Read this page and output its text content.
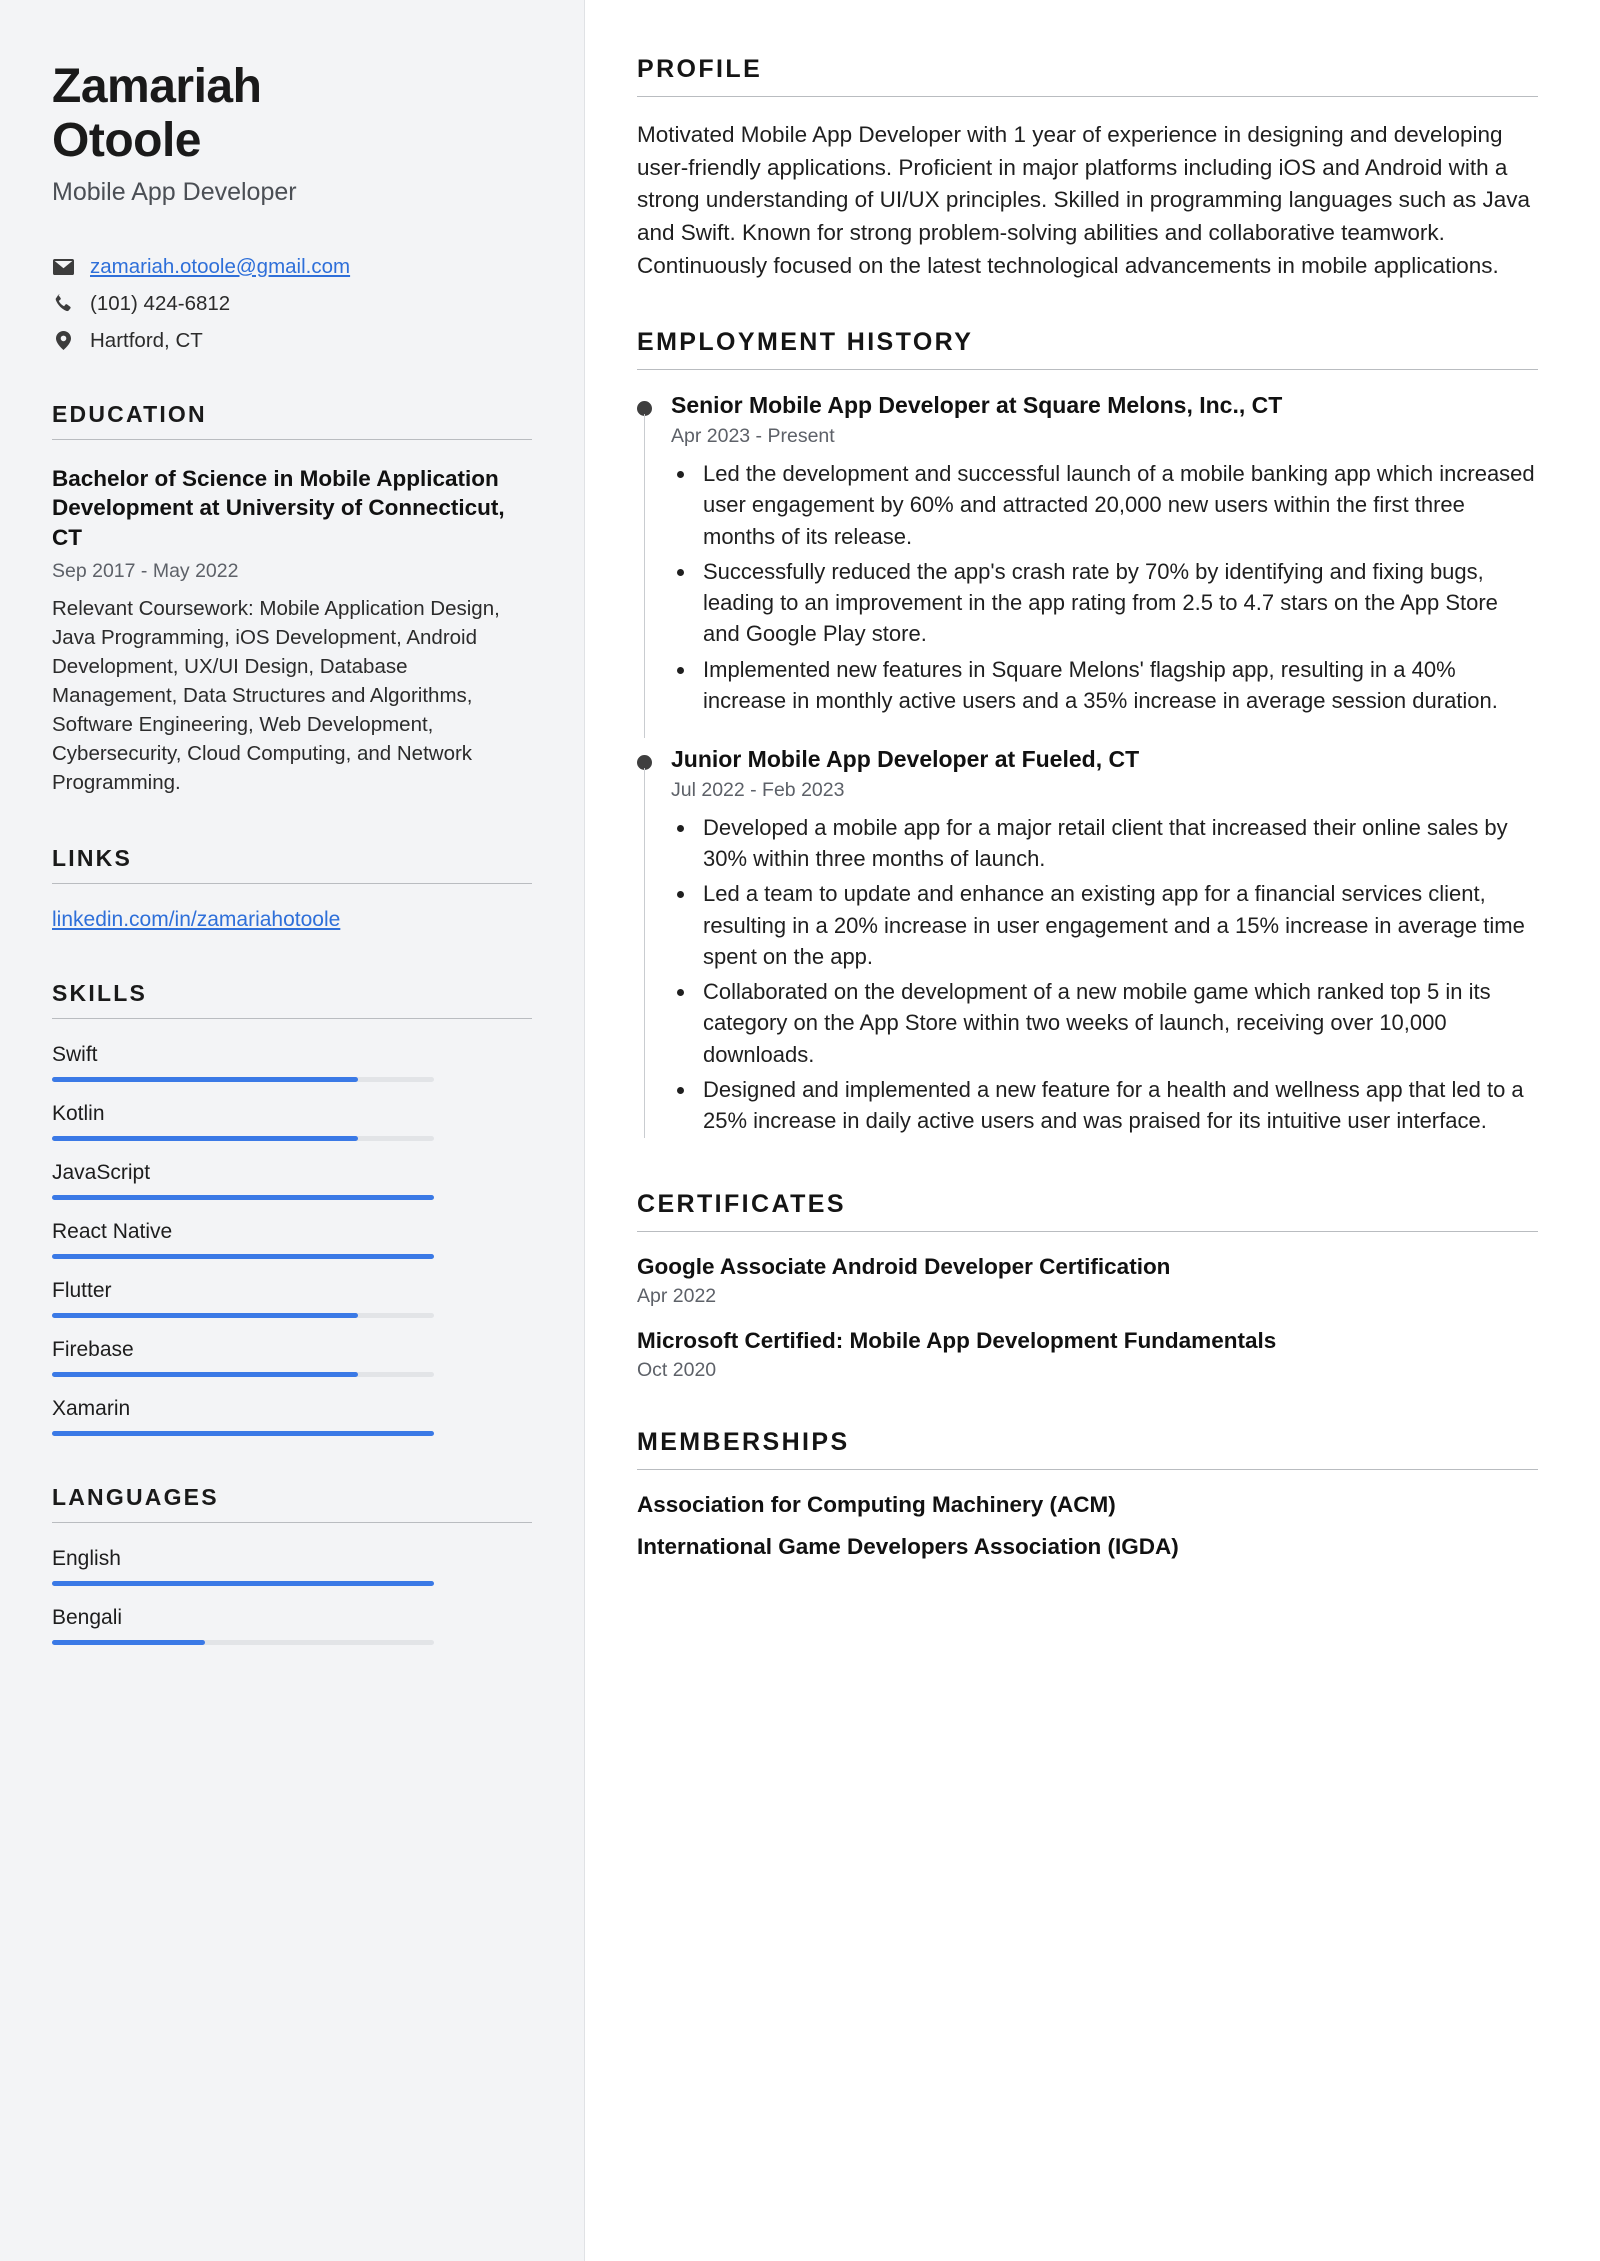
Zamariah
Otoole
Mobile App Developer
zamariah.otoole@gmail.com
(101) 424-6812
Hartford, CT
EDUCATION
Bachelor of Science in Mobile Application Development at University of Connecticut, CT
Sep 2017 - May 2022
Relevant Coursework: Mobile Application Design, Java Programming, iOS Development, Android Development, UX/UI Design, Database Management, Data Structures and Algorithms, Software Engineering, Web Development, Cybersecurity, Cloud Computing, and Network Programming.
LINKS
linkedin.com/in/zamariahotoole
SKILLS
Swift
Kotlin
JavaScript
React Native
Flutter
Firebase
Xamarin
LANGUAGES
English
Bengali
PROFILE

Motivated Mobile App Developer with 1 year of experience in designing and developing user-friendly applications. Proficient in major platforms including iOS and Android with a strong understanding of UI/UX principles. Skilled in programming languages such as Java and Swift. Known for strong problem-solving abilities and collaborative teamwork. Continuously focused on the latest technological advancements in mobile applications.

EMPLOYMENT HISTORY
Senior Mobile App Developer at Square Melons, Inc., CT
Apr 2023 - Present
• Led the development and successful launch of a mobile banking app which increased user engagement by 60% and attracted 20,000 new users within the first three months of its release.
• Successfully reduced the app's crash rate by 70% by identifying and fixing bugs, leading to an improvement in the app rating from 2.5 to 4.7 stars on the App Store and Google Play store.
• Implemented new features in Square Melons' flagship app, resulting in a 40% increase in monthly active users and a 35% increase in average session duration.
Junior Mobile App Developer at Fueled, CT
Jul 2022 - Feb 2023
• Developed a mobile app for a major retail client that increased their online sales by 30% within three months of launch.
• Led a team to update and enhance an existing app for a financial services client, resulting in a 20% increase in user engagement and a 15% increase in average time spent on the app.
• Collaborated on the development of a new mobile game which ranked top 5 in its category on the App Store within two weeks of launch, receiving over 10,000 downloads.
• Designed and implemented a new feature for a health and wellness app that led to a 25% increase in daily active users and was praised for its intuitive user interface.
CERTIFICATES
Google Associate Android Developer Certification
Apr 2022
Microsoft Certified: Mobile App Development Fundamentals
Oct 2020
MEMBERSHIPS
Association for Computing Machinery (ACM)
International Game Developers Association (IGDA)
